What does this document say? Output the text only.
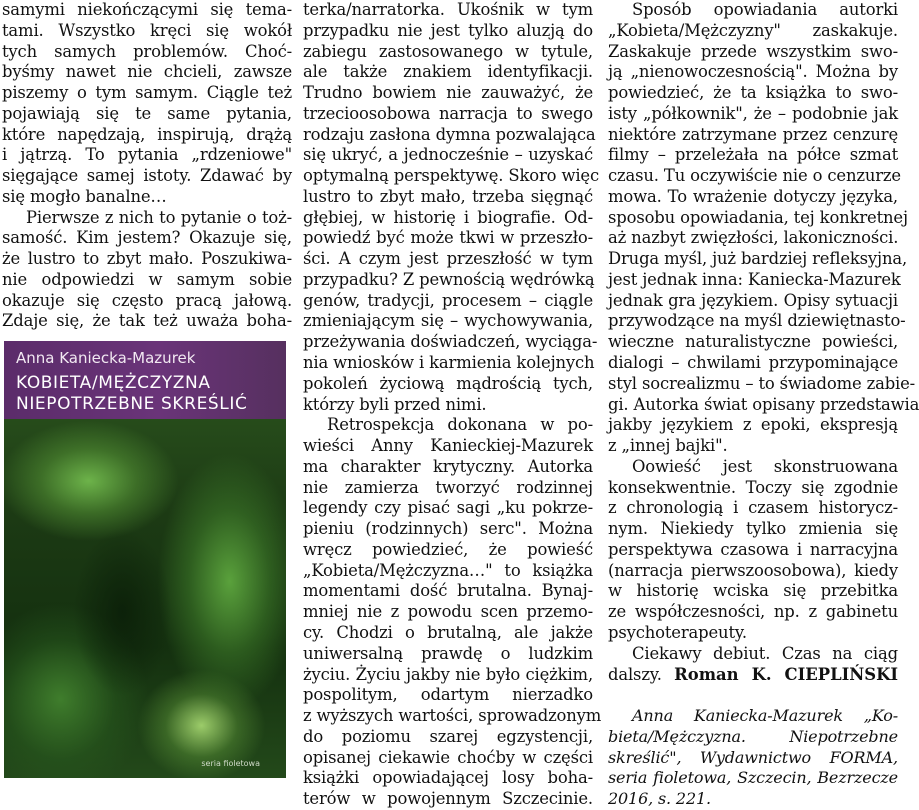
samymi niekończącymi się tema-
tami. Wszystko kręci się wokół
tych samych problemów. Choć-
byśmy nawet nie chcieli, zawsze
piszemy o tym samym. Ciągle też
pojawiają się te same pytania,
które napędzają, inspirują, drążą
i jątrzą. To pytania „rdzeniowe"
sięgające samej istoty. Zdawać by
się mogło banalne…
Pierwsze z nich to pytanie o toż-
samość. Kim jestem? Okazuje się,
że lustro to zbyt mało. Poszukiwa-
nie odpowiedzi w samym sobie
okazuje się często pracą jałową.
Zdaje się, że tak też uważa boha-
Anna Kaniecka-Mazurek
KOBIETA/MĘŻCZYZNA
NIEPOTRZEBNE SKREŚLIĆ
seria fioletowa
terka/narratorka. Ukośnik w tym
przypadku nie jest tylko aluzją do
zabiegu zastosowanego w tytule,
ale także znakiem identyfikacji.
Trudno bowiem nie zauważyć, że
trzecioosobowa narracja to swego
rodzaju zasłona dymna pozwalająca
się ukryć, a jednocześnie – uzyskać
optymalną perspektywę. Skoro więc
lustro to zbyt mało, trzeba sięgnąć
głębiej, w historię i biografie. Od-
powiedź być może tkwi w przeszło-
ści. A czym jest przeszłość w tym
przypadku? Z pewnością wędrówką
genów, tradycji, procesem – ciągle
zmieniającym się – wychowywania,
przeżywania doświadczeń, wyciąga-
nia wniosków i karmienia kolejnych
pokoleń życiową mądrością tych,
którzy byli przed nimi.
Retrospekcja dokonana w po-
wieści Anny Kanieckiej-Mazurek
ma charakter krytyczny. Autorka
nie zamierza tworzyć rodzinnej
legendy czy pisać sagi „ku pokrze-
pieniu (rodzinnych) serc". Można
wręcz powiedzieć, że powieść
„Kobieta/Mężczyzna…" to książka
momentami dość brutalna. Bynaj-
mniej nie z powodu scen przemo-
cy. Chodzi o brutalną, ale jakże
uniwersalną prawdę o ludzkim
życiu. Życiu jakby nie było ciężkim,
pospolitym, odartym nierzadko
z wyższych wartości, sprowadzonym
do poziomu szarej egzystencji,
opisanej ciekawie choćby w części
książki opowiadającej losy boha-
terów w powojennym Szczecinie.
Sposób opowiadania autorki
„Kobieta/Mężczyzny" zaskakuje.
Zaskakuje przede wszystkim swo-
ją „nienowoczesnością". Można by
powiedzieć, że ta książka to swo-
isty „półkownik", że – podobnie jak
niektóre zatrzymane przez cenzurę
filmy – przeleżała na półce szmat
czasu. Tu oczywiście nie o cenzurze
mowa. To wrażenie dotyczy języka,
sposobu opowiadania, tej konkretnej
aż nazbyt zwięzłości, lakoniczności.
Druga myśl, już bardziej refleksyjna,
jest jednak inna: Kaniecka-Mazurek
jednak gra językiem. Opisy sytuacji
przywodzące na myśl dziewiętnasto-
wieczne naturalistyczne powieści,
dialogi – chwilami przypominające
styl socrealizmu – to świadome zabie-
gi. Autorka świat opisany przedstawia
jakby językiem z epoki, ekspresją
z „innej bajki".
Oowieść jest skonstruowana
konsekwentnie. Toczy się zgodnie
z chronologią i czasem historycz-
nym. Niekiedy tylko zmienia się
perspektywa czasowa i narracyjna
(narracja pierwszoosobowa), kiedy
w historię wciska się przebitka
ze współczesności, np. z gabinetu
psychoterapeuty.
Ciekawy debiut. Czas na ciąg
dalszy. Roman K. CIEPLIŃSKI
Anna Kaniecka-Mazurek „Ko-
bieta/Mężczyzna. Niepotrzebne
skreślić", Wydawnictwo FORMA,
seria fioletowa, Szczecin, Bezrzecze
2016, s. 221.
